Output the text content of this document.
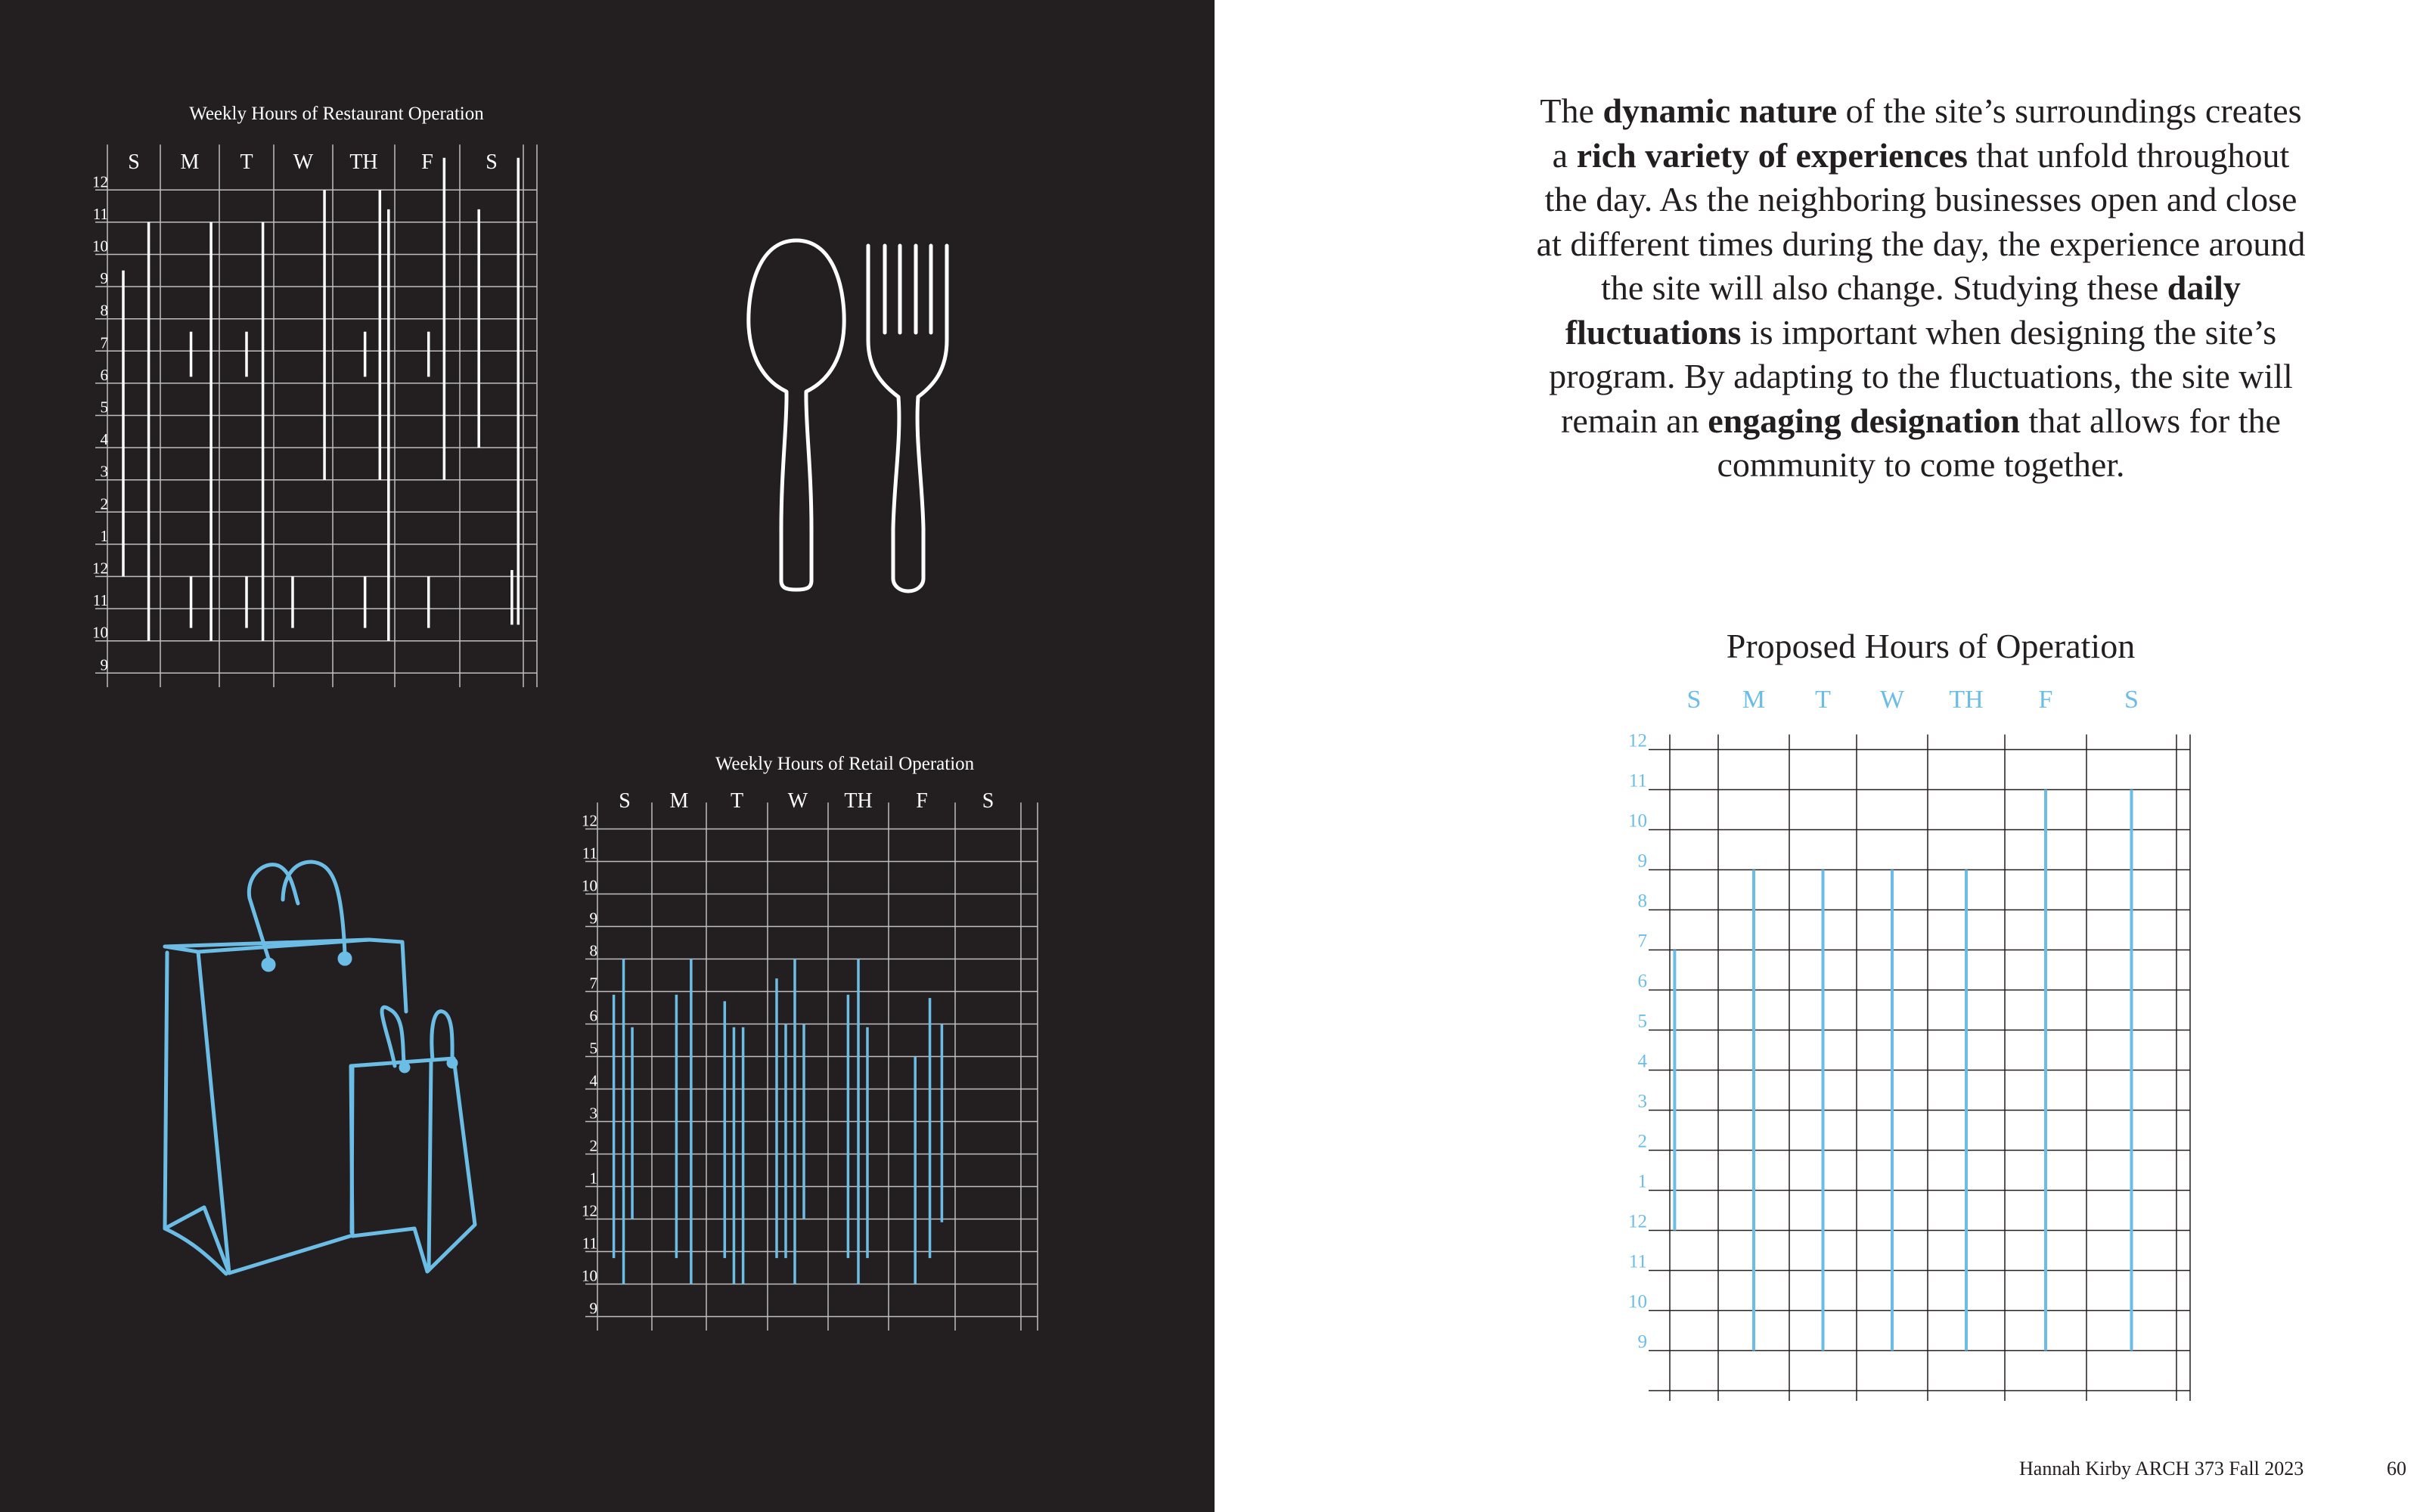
Weekly Hours of Restaurant Operation
S M T W TH F S
12
11
10
9
8
7
6
5
4
3
2
1
12
11
10
9
Weekly Hours of Retail Operation
S M T W TH F	S
12
11
10
9
8
7
6
5
4
3
2
1
12
11
10
9
Proposed Hours of Operation
S M T W TH F	S
12
11
10
9
8
7
6
5
4
3
2
1
12
11
10
9
The dynamic nature of the site’s surroundings creates a rich variety of experiences that unfold throughout the day. As the neighboring businesses open and close at different times during the day, the experience around the site will also change. Studying these daily fluctuations is important when designing the site’s program. By adapting to the fluctuations, the site will remain an engaging designation that allows for the community to come together.
Hannah Kirby ARCH 373 Fall 2023	60
